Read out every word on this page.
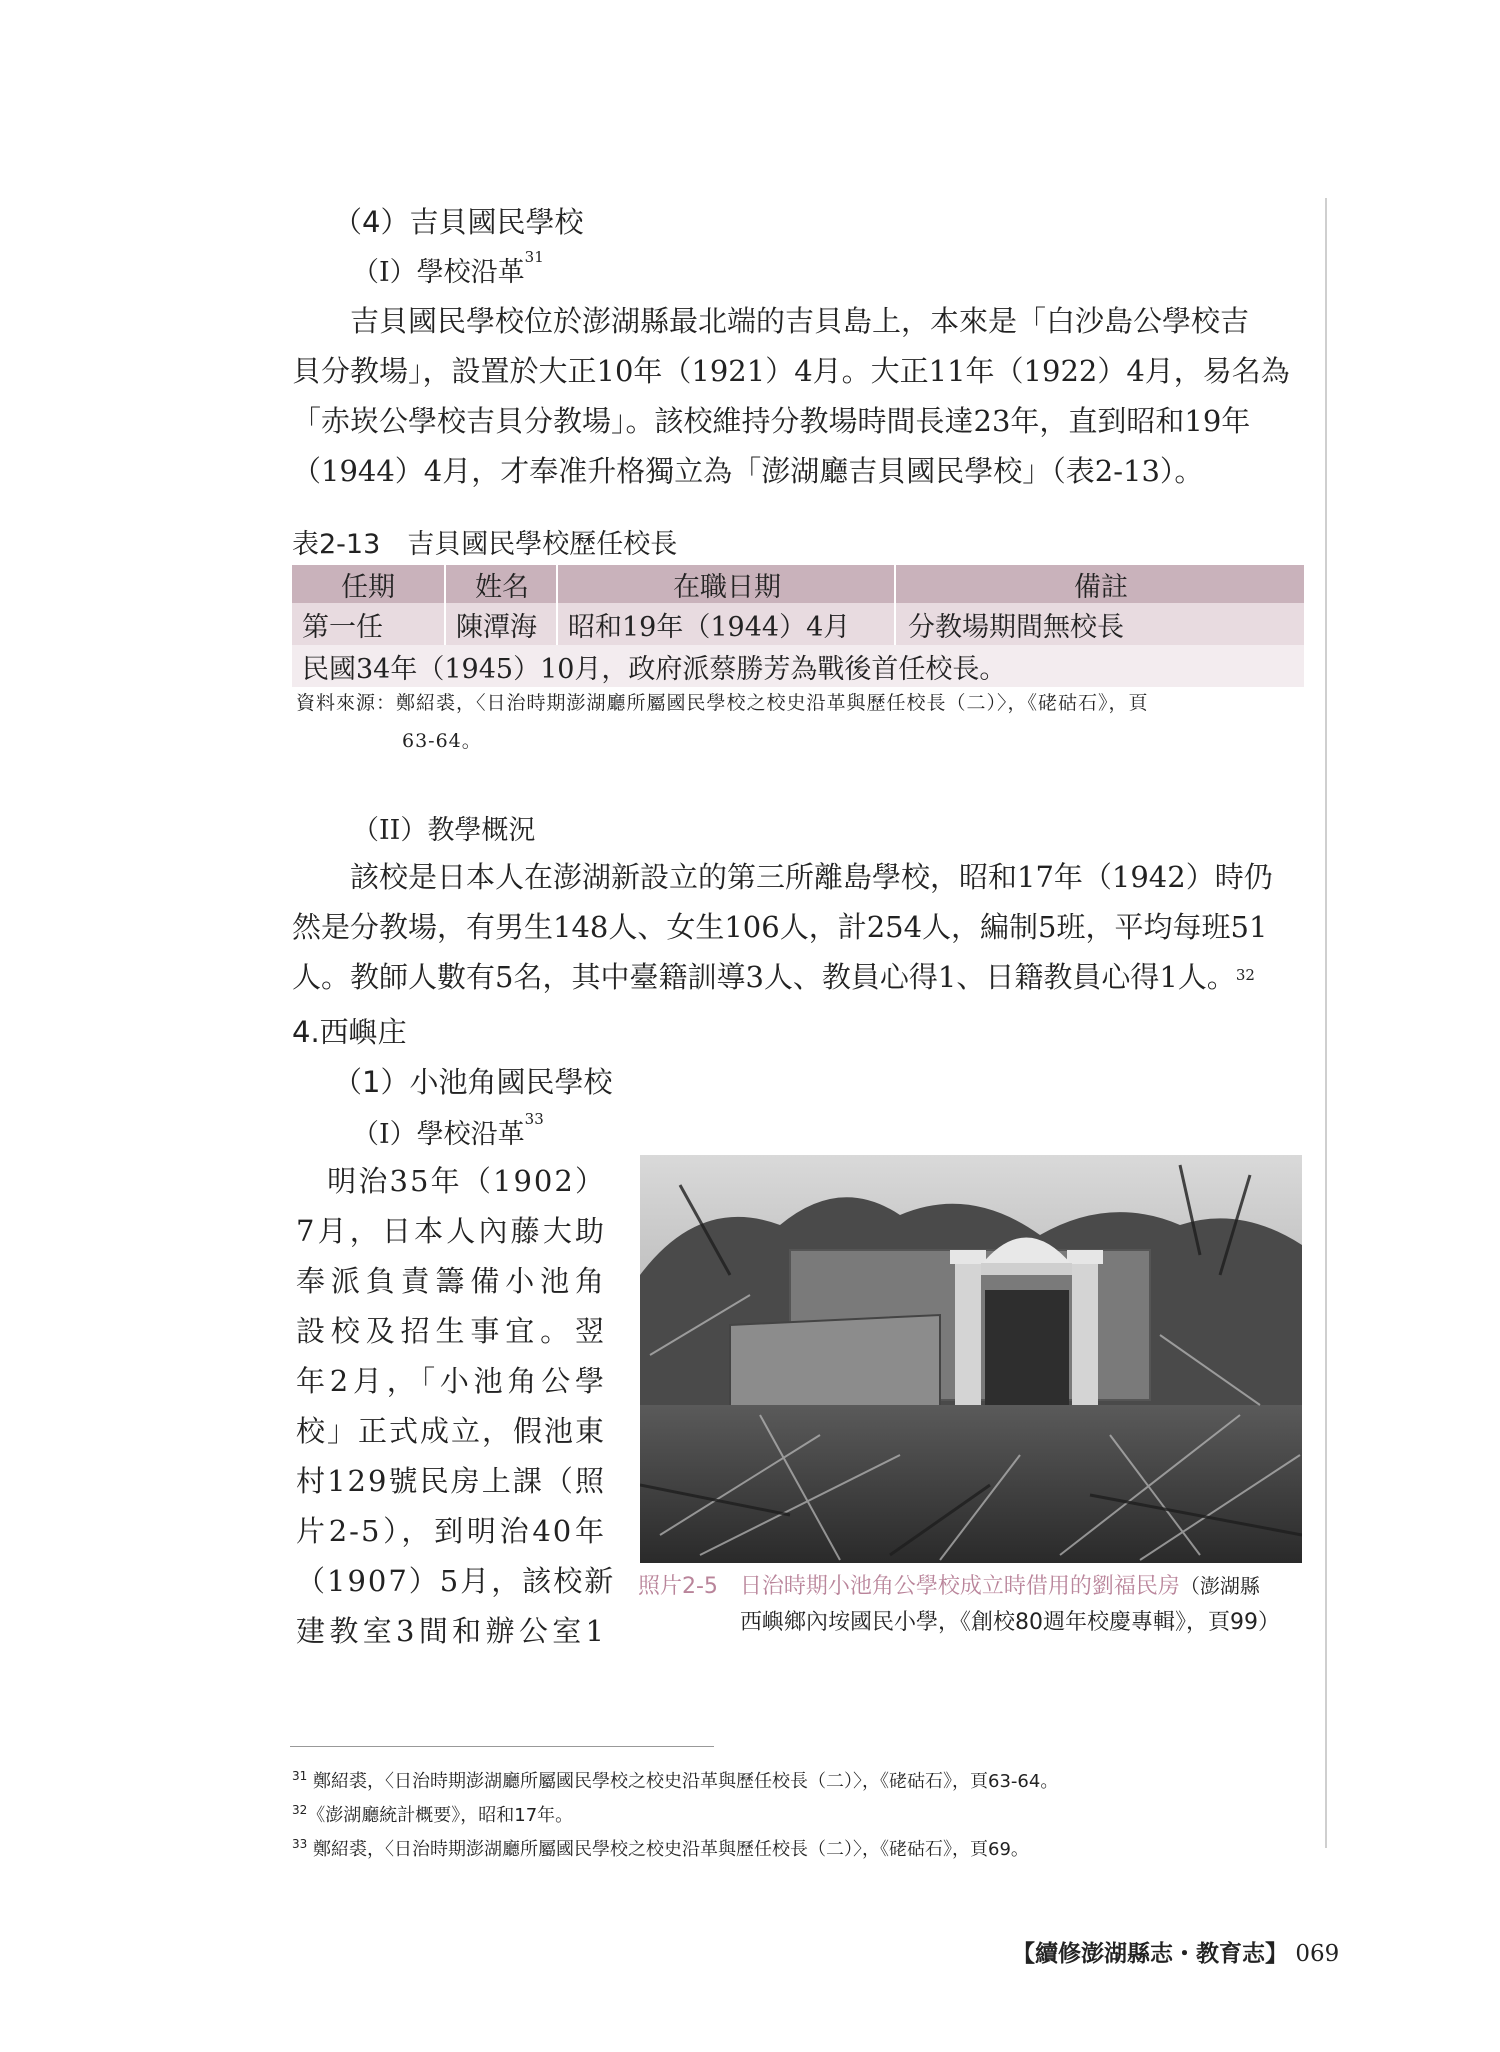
（4）吉貝國民學校
（I）學校沿革$^{31}$

　　吉貝國民學校位於澎湖縣最北端的吉貝島上，本來是「白沙島公學校吉

貝分教場」，設置於大正10年（1921）4月。大正11年（1922）4月，易名為

「赤崁公學校吉貝分教場」。該校維持分教場時間長達23年，直到昭和19年

（1944）4月，才奉准升格獨立為「澎湖廳吉貝國民學校」（表2-13）。

表2-13　吉貝國民學校歷任校長
任期	姓名	在職日期	備註
第一任	陳潭海	昭和19年（1944）4月	分教場期間無校長
民國34年（1945）10月，政府派蔡勝芳為戰後首任校長。
資料來源：鄭紹裘，〈日治時期澎湖廳所屬國民學校之校史沿革與歷任校長（二）〉，《硓𥑮石》，頁
63-64。
（II）教學概況

　　該校是日本人在澎湖新設立的第三所離島學校，昭和17年（1942）時仍

然是分教場，有男生148人、女生106人，計254人，編制5班，平均每班51

人。教師人數有5名，其中臺籍訓導3人、教員心得1、日籍教員心得1人。$^{32}$

4.西嶼庄
（1）小池角國民學校
（I）學校沿革$^{33}$
　明治35年（1902）
7月，日本人內藤大助
奉派負責籌備小池角
設校及招生事宜。翌
年2月，「小池角公學
校」正式成立，假池東
村129號民房上課（照
片2-5），到明治40年
（1907）5月，該校新
建教室3間和辦公室1
照片2-5　日治時期小池角公學校成立時借用的劉福民房（澎湖縣
西嶼鄉內垵國民小學，《創校80週年校慶專輯》，頁99）
$^{31}$ 鄭紹裘，〈日治時期澎湖廳所屬國民學校之校史沿革與歷任校長（二）〉，《硓𥑮石》，頁63-64。
$^{32}$《澎湖廳統計概要》，昭和17年。
$^{33}$ 鄭紹裘，〈日治時期澎湖廳所屬國民學校之校史沿革與歷任校長（二）〉，《硓𥑮石》，頁69。
【續修澎湖縣志・教育志】 069
